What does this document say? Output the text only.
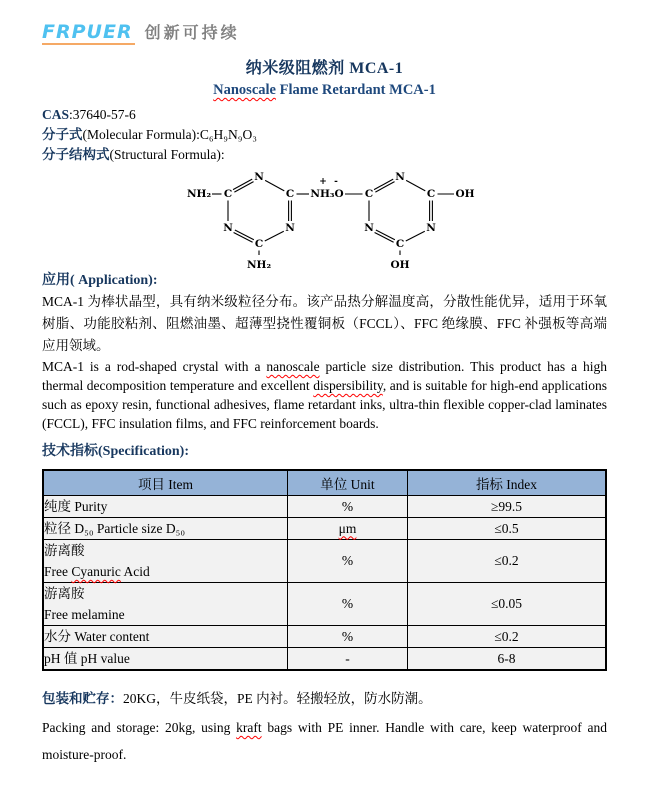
FRPUER 创新可持续
纳米级阻燃剂 MCA-1
Nanoscale Flame Retardant MCA-1
CAS:37640-57-6
分子式(Molecular Formula):C₆H₉N₉O₃
分子结构式(Structural Formula):
N
C	C
N	N
C
NH₂
NH₂
NH₃O C
N
C
N	N
C
OH
OH
+ -
应用( Application):
MCA-1 为棒状晶型，具有纳米级粒径分布。该产品热分解温度高，分散性能优异，适用于环氧树脂、功能胶粘剂、阻燃油墨、超薄型挠性覆铜板（FCCL）、FFC 绝缘膜、FFC 补强板等高端应用领域。
MCA-1 is a rod-shaped crystal with a nanoscale particle size distribution. This product has a high thermal decomposition temperature and excellent dispersibility, and is suitable for high-end applications such as epoxy resin, functional adhesives, flame retardant inks, ultra-thin flexible copper-clad laminates (FCCL), FFC insulation films, and FFC reinforcement boards.
技术指标(Specification):
项目 Item	单位 Unit	指标 Index

纯度 Purity	%	≥99.5

粒径 D₅₀ Particle size D₅₀	μm	≤0.5

游离酸
Free Cyanuric Acid	%	≤0.2

游离胺
Free melamine	%	≤0.05

水分 Water content	%	≤0.2

pH 值 pH value	-	6-8
包装和贮存：20KG，牛皮纸袋，PE 内衬。轻搬轻放，防水防潮。
Packing and storage: 20kg, using kraft bags with PE inner. Handle with care, keep waterproof and moisture-proof.
